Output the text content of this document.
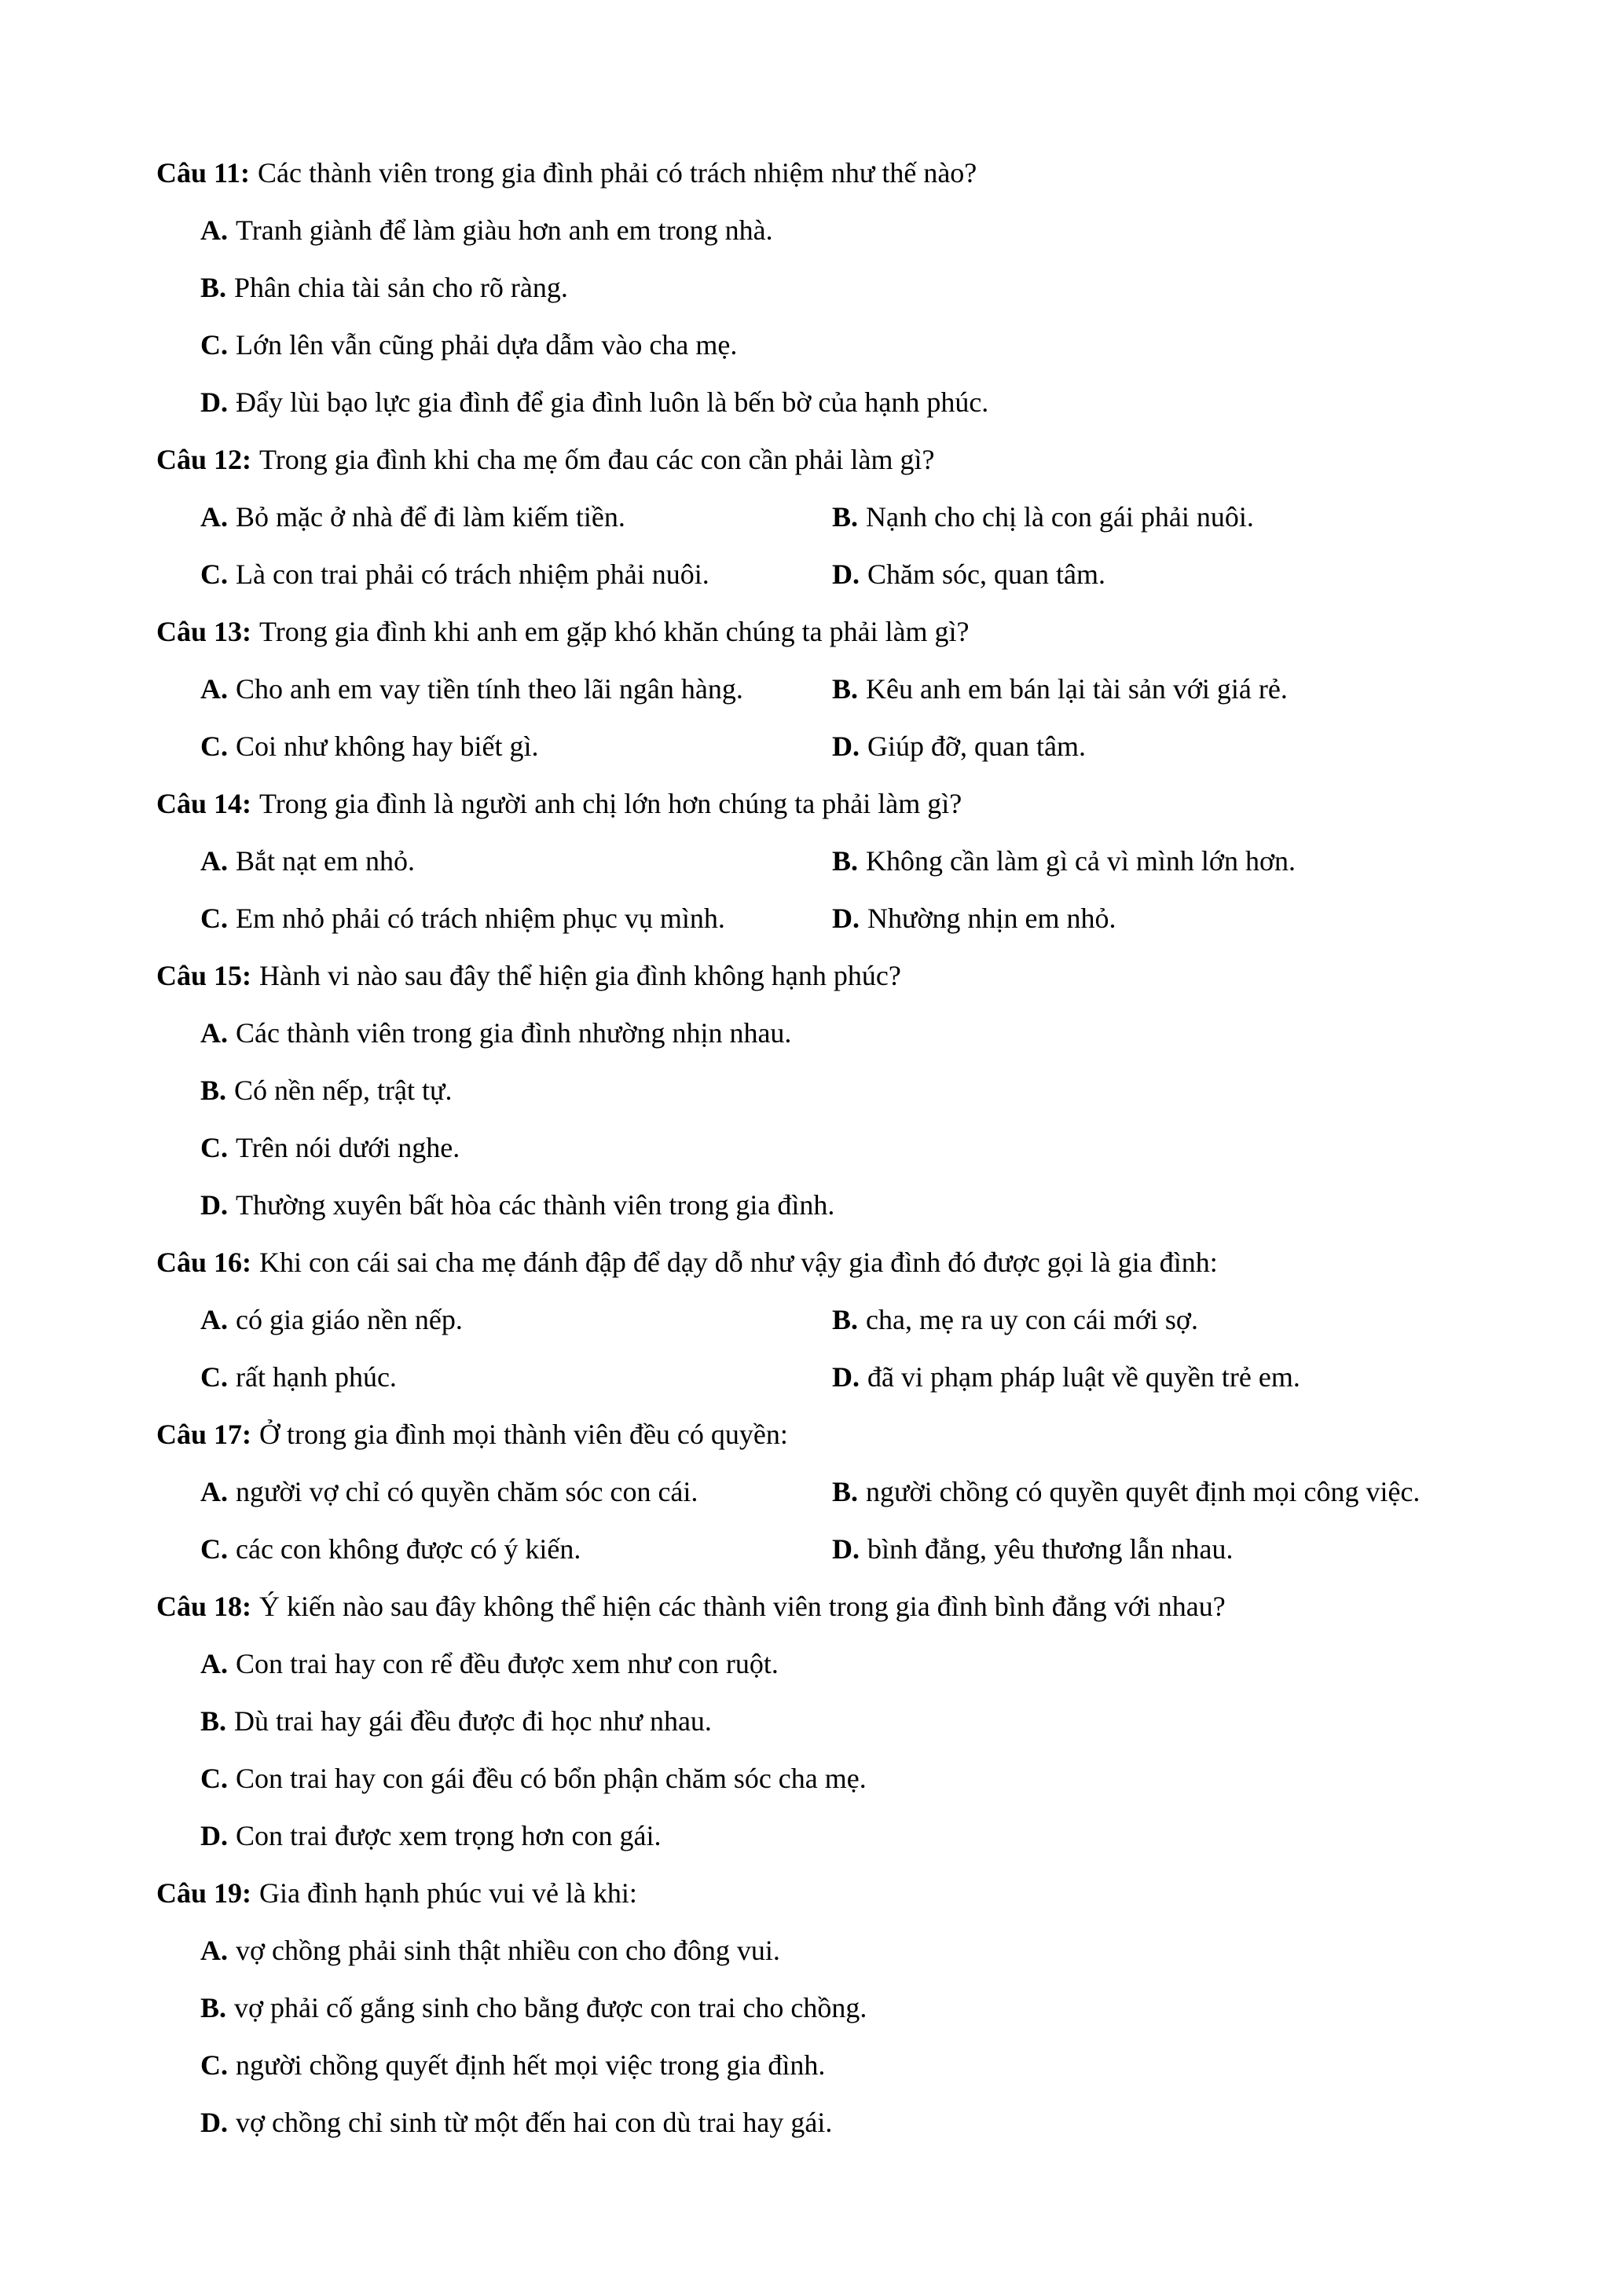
Câu 11: Các thành viên trong gia đình phải có trách nhiệm như thế nào?
A. Tranh giành để làm giàu hơn anh em trong nhà.
B. Phân chia tài sản cho rõ ràng.
C. Lớn lên vẫn cũng phải dựa dẫm vào cha mẹ.
D. Đẩy lùi bạo lực gia đình để gia đình luôn là bến bờ của hạnh phúc.
Câu 12: Trong gia đình khi cha mẹ ốm đau các con cần phải làm gì?
A. Bỏ mặc ở nhà để đi làm kiếm tiền.	B. Nạnh cho chị là con gái phải nuôi.
C. Là con trai phải có trách nhiệm phải nuôi.	D. Chăm sóc, quan tâm.
Câu 13: Trong gia đình khi anh em gặp khó khăn chúng ta phải làm gì?
A. Cho anh em vay tiền tính theo lãi ngân hàng.	B. Kêu anh em bán lại tài sản với giá rẻ.
C. Coi như không hay biết gì.	D. Giúp đỡ, quan tâm.
Câu 14: Trong gia đình là người anh chị lớn hơn chúng ta phải làm gì?
A. Bắt nạt em nhỏ.	B. Không cần làm gì cả vì mình lớn hơn.
C. Em nhỏ phải có trách nhiệm phục vụ mình.	D. Nhường nhịn em nhỏ.
Câu 15: Hành vi nào sau đây thể hiện gia đình không hạnh phúc?
A. Các thành viên trong gia đình nhường nhịn nhau.
B. Có nền nếp, trật tự.
C. Trên nói dưới nghe.
D. Thường xuyên bất hòa các thành viên trong gia đình.
Câu 16: Khi con cái sai cha mẹ đánh đập để dạy dỗ như vậy gia đình đó được gọi là gia đình:
A. có gia giáo nền nếp.	B. cha, mẹ ra uy con cái mới sợ.
C. rất hạnh phúc.	D. đã vi phạm pháp luật về quyền trẻ em.
Câu 17: Ở trong gia đình mọi thành viên đều có quyền:
A. người vợ chỉ có quyền chăm sóc con cái.	B. người chồng có quyền quyêt định mọi công việc.
C. các con không được có ý kiến.	D. bình đẳng, yêu thương lẫn nhau.
Câu 18: Ý kiến nào sau đây không thể hiện các thành viên trong gia đình bình đẳng với nhau?
A. Con trai hay con rể đều được xem như con ruột.
B. Dù trai hay gái đều được đi học như nhau.
C. Con trai hay con gái đều có bổn phận chăm sóc cha mẹ.
D. Con trai được xem trọng hơn con gái.
Câu 19: Gia đình hạnh phúc vui vẻ là khi:
A. vợ chồng phải sinh thật nhiều con cho đông vui.
B. vợ phải cố gắng sinh cho bằng được con trai cho chồng.
C. người chồng quyết định hết mọi việc trong gia đình.
D. vợ chồng chỉ sinh từ một đến hai con dù trai hay gái.
